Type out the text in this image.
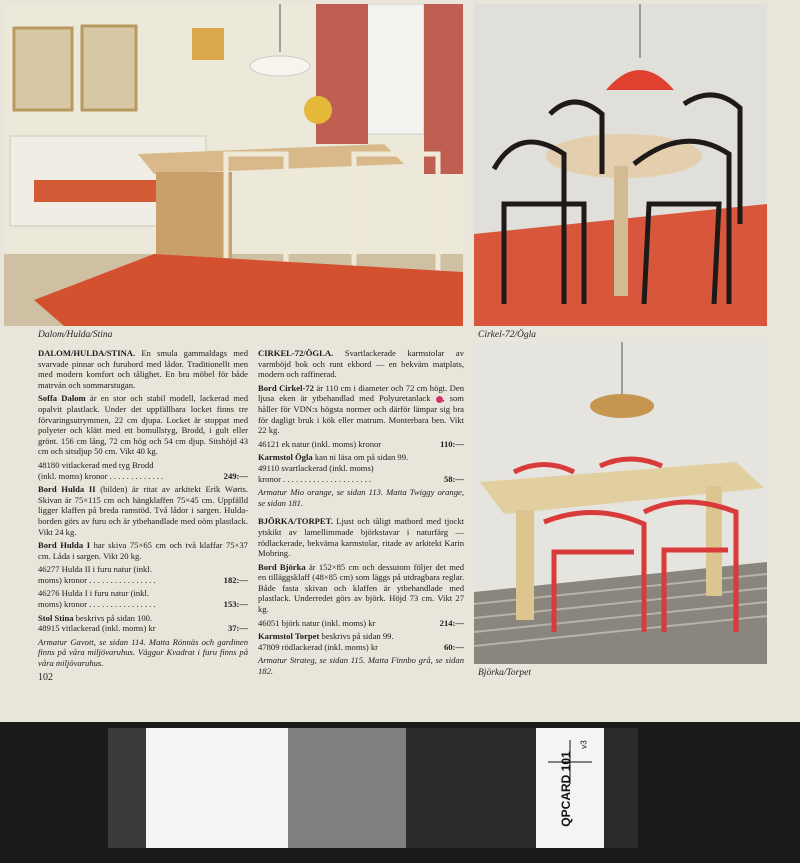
Dalom/Hulda/Stina	Cirkel-72/Ögla
Björka/Torpet

DALOM/HULDA/STINA. En smula gammaldags med svarvade pinnar och furubord med lådor. Traditionellt men med modern komfort och tålighet. En bra möbel för både matrván och sommarstugan.

Soffa Dalom är en stor och stabil modell, lackerad med opalvit plastlack. Under det uppfällbara locket finns tre förvaringsutrymmen, 22 cm djupa. Locket är stoppat med polyeter och klätt med ett bomullstyg, Brodd, i gult eller grönt. 156 cm lång, 72 cm hög och 54 cm djup. Sitshöjd 43 cm och sitsdjup 50 cm. Vikt 40 kg.

48180 vitlackerad med tyg Brodd

(inkl. moms) kronor . . . . . . . . . . . . .	249:—

Bord Hulda II (bilden) är ritat av arkitekt Erik Wørts. Skivan är 75×115 cm och hängklaffen 75×45 cm. Uppfälld ligger klaffen på breda ramstöd. Två lådor i sargen. Hulda-borden görs av furu och är ytbehandlade med oöm plastlack. Vikt 24 kg.

Bord Hulda I har skiva 75×65 cm och två klaffar 75×37 cm. Låda i sargen. Vikt 20 kg.

46277 Hulda II i furu natur (inkl.

moms) kronor . . . . . . . . . . . . . . . .	182:—

46276 Hulda I i furu natur (inkl.

moms) kronor . . . . . . . . . . . . . . . .	153:—

Stol Stina beskrivs på sidan 100.

48915 vitlackerad (inkl. moms) kr	37:—

Armatur Gavott, se sidan 114. Matta Rönnäs och gardinen finns på våra miljövaruhus. Väggur Kvadrat i furu finns på våra miljövaruhus.

CIRKEL-72/ÖGLA. Svartlackerade karmstolar av varmböjd bok och runt ekbord — en bekväm matplats, modern och raffinerad.

Bord Cirkel-72 är 110 cm i diameter och 72 cm högt. Den ljusa eken är ytbehandlad med Polyuretanlack , som håller för VDN:s högsta normer och därför lämpar sig bra för dagligt bruk i kök eller matrum. Monterbara ben. Vikt 22 kg.

46121 ek natur (inkl. moms) kronor	110:—

Karmstol Ögla kan ni läsa om på sidan 99.

49110 svartlackerad (inkl. moms)

kronor . . . . . . . . . . . . . . . . . . . . .	58:—

Armatur Mio orange, se sidan 113. Matta Twiggy orange, se sidan 181.

BJÖRKA/TORPET. Ljust och tåligt matbord med tjockt ytskikt av lamellimmade björkstavar i naturfärg — rödlackerade, bekväma karmstolar, ritade av arkitekt Karin Mobring.

Bord Björka är 152×85 cm och dessutom följer det med en tilläggsklaff (48×85 cm) som läggs på utdragbara reglar. Både fasta skivan och klaffen är ytbehandlade med plastlack. Underredet görs av björk. Höjd 73 cm. Vikt 27 kg.

46051 björk natur (inkl. moms) kr	214:—

Karmstol Torpet beskrivs på sidan 99.

47809 rödlackerad (inkl. moms) kr	60:—

Armatur Strateg, se sidan 115. Matta Finnbo grå, se sidan 182.

102
QPCARD 101
v3
